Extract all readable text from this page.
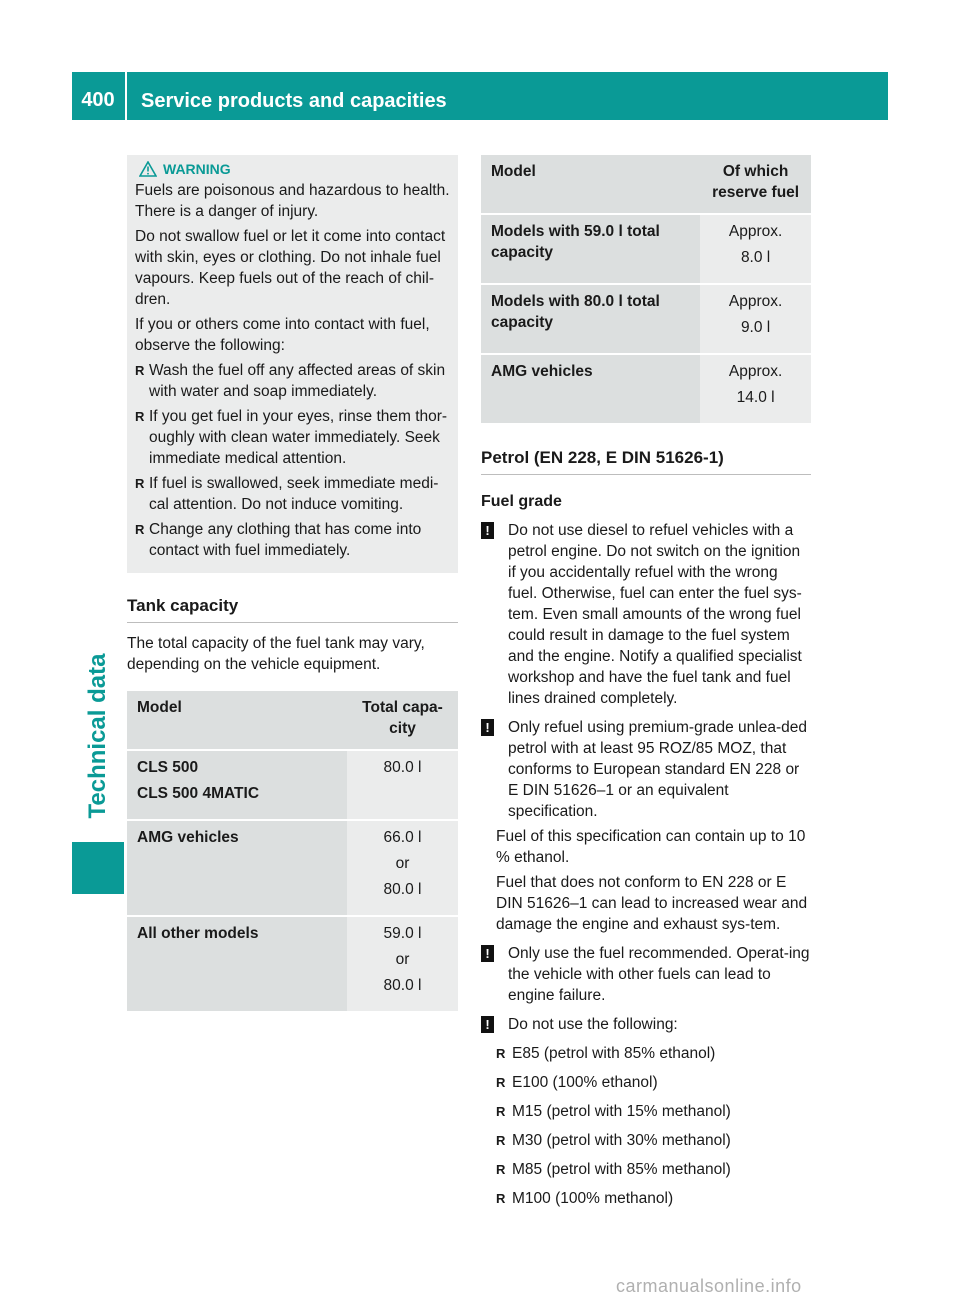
400	Service products and capacities
Technical data
WARNING

Fuels are poisonous and hazardous to health. There is a danger of injury.

Do not swallow fuel or let it come into contact with skin, eyes or clothing. Do not inhale fuel vapours. Keep fuels out of the reach of chil-dren.

If you or others come into contact with fuel, observe the following:

R Wash the fuel off any affected areas of skin with water and soap immediately.
R If you get fuel in your eyes, rinse them thor-oughly with clean water immediately. Seek immediate medical attention.
R If fuel is swallowed, seek immediate medi-cal attention. Do not induce vomiting.
R Change any clothing that has come into contact with fuel immediately.
Tank capacity

The total capacity of the fuel tank may vary, depending on the vehicle equipment.

Model	Total capa-city

CLS 500
CLS 500 4MATIC	80.0 l

AMG vehicles	66.0 l
or
80.0 l

All other models	59.0 l
or
80.0 l
Model	Of which reserve fuel
Models with 59.0 l total capacity	Approx.
8.0 l

Models with 80.0 l total capacity	Approx.
9.0 l

AMG vehicles	Approx.
14.0 l
Petrol (EN 228, E DIN 51626-1)
Fuel grade
! Do not use diesel to refuel vehicles with a petrol engine. Do not switch on the ignition if you accidentally refuel with the wrong fuel. Otherwise, fuel can enter the fuel sys-tem. Even small amounts of the wrong fuel could result in damage to the fuel system and the engine. Notify a qualified specialist workshop and have the fuel tank and fuel lines drained completely.
! Only refuel using premium-grade unlea-ded petrol with at least 95 ROZ/85 MOZ, that conforms to European standard EN 228 or E DIN 51626–1 or an equivalent specification.
Fuel of this specification can contain up to 10 % ethanol.
Fuel that does not conform to EN 228 or E DIN 51626–1 can lead to increased wear and damage the engine and exhaust sys-tem.
! Only use the fuel recommended. Operat-ing the vehicle with other fuels can lead to engine failure.
! Do not use the following:
R E85 (petrol with 85% ethanol)
R E100 (100% ethanol)
R M15 (petrol with 15% methanol)
R M30 (petrol with 30% methanol)
R M85 (petrol with 85% methanol)
R M100 (100% methanol)
carmanualsonline.info
